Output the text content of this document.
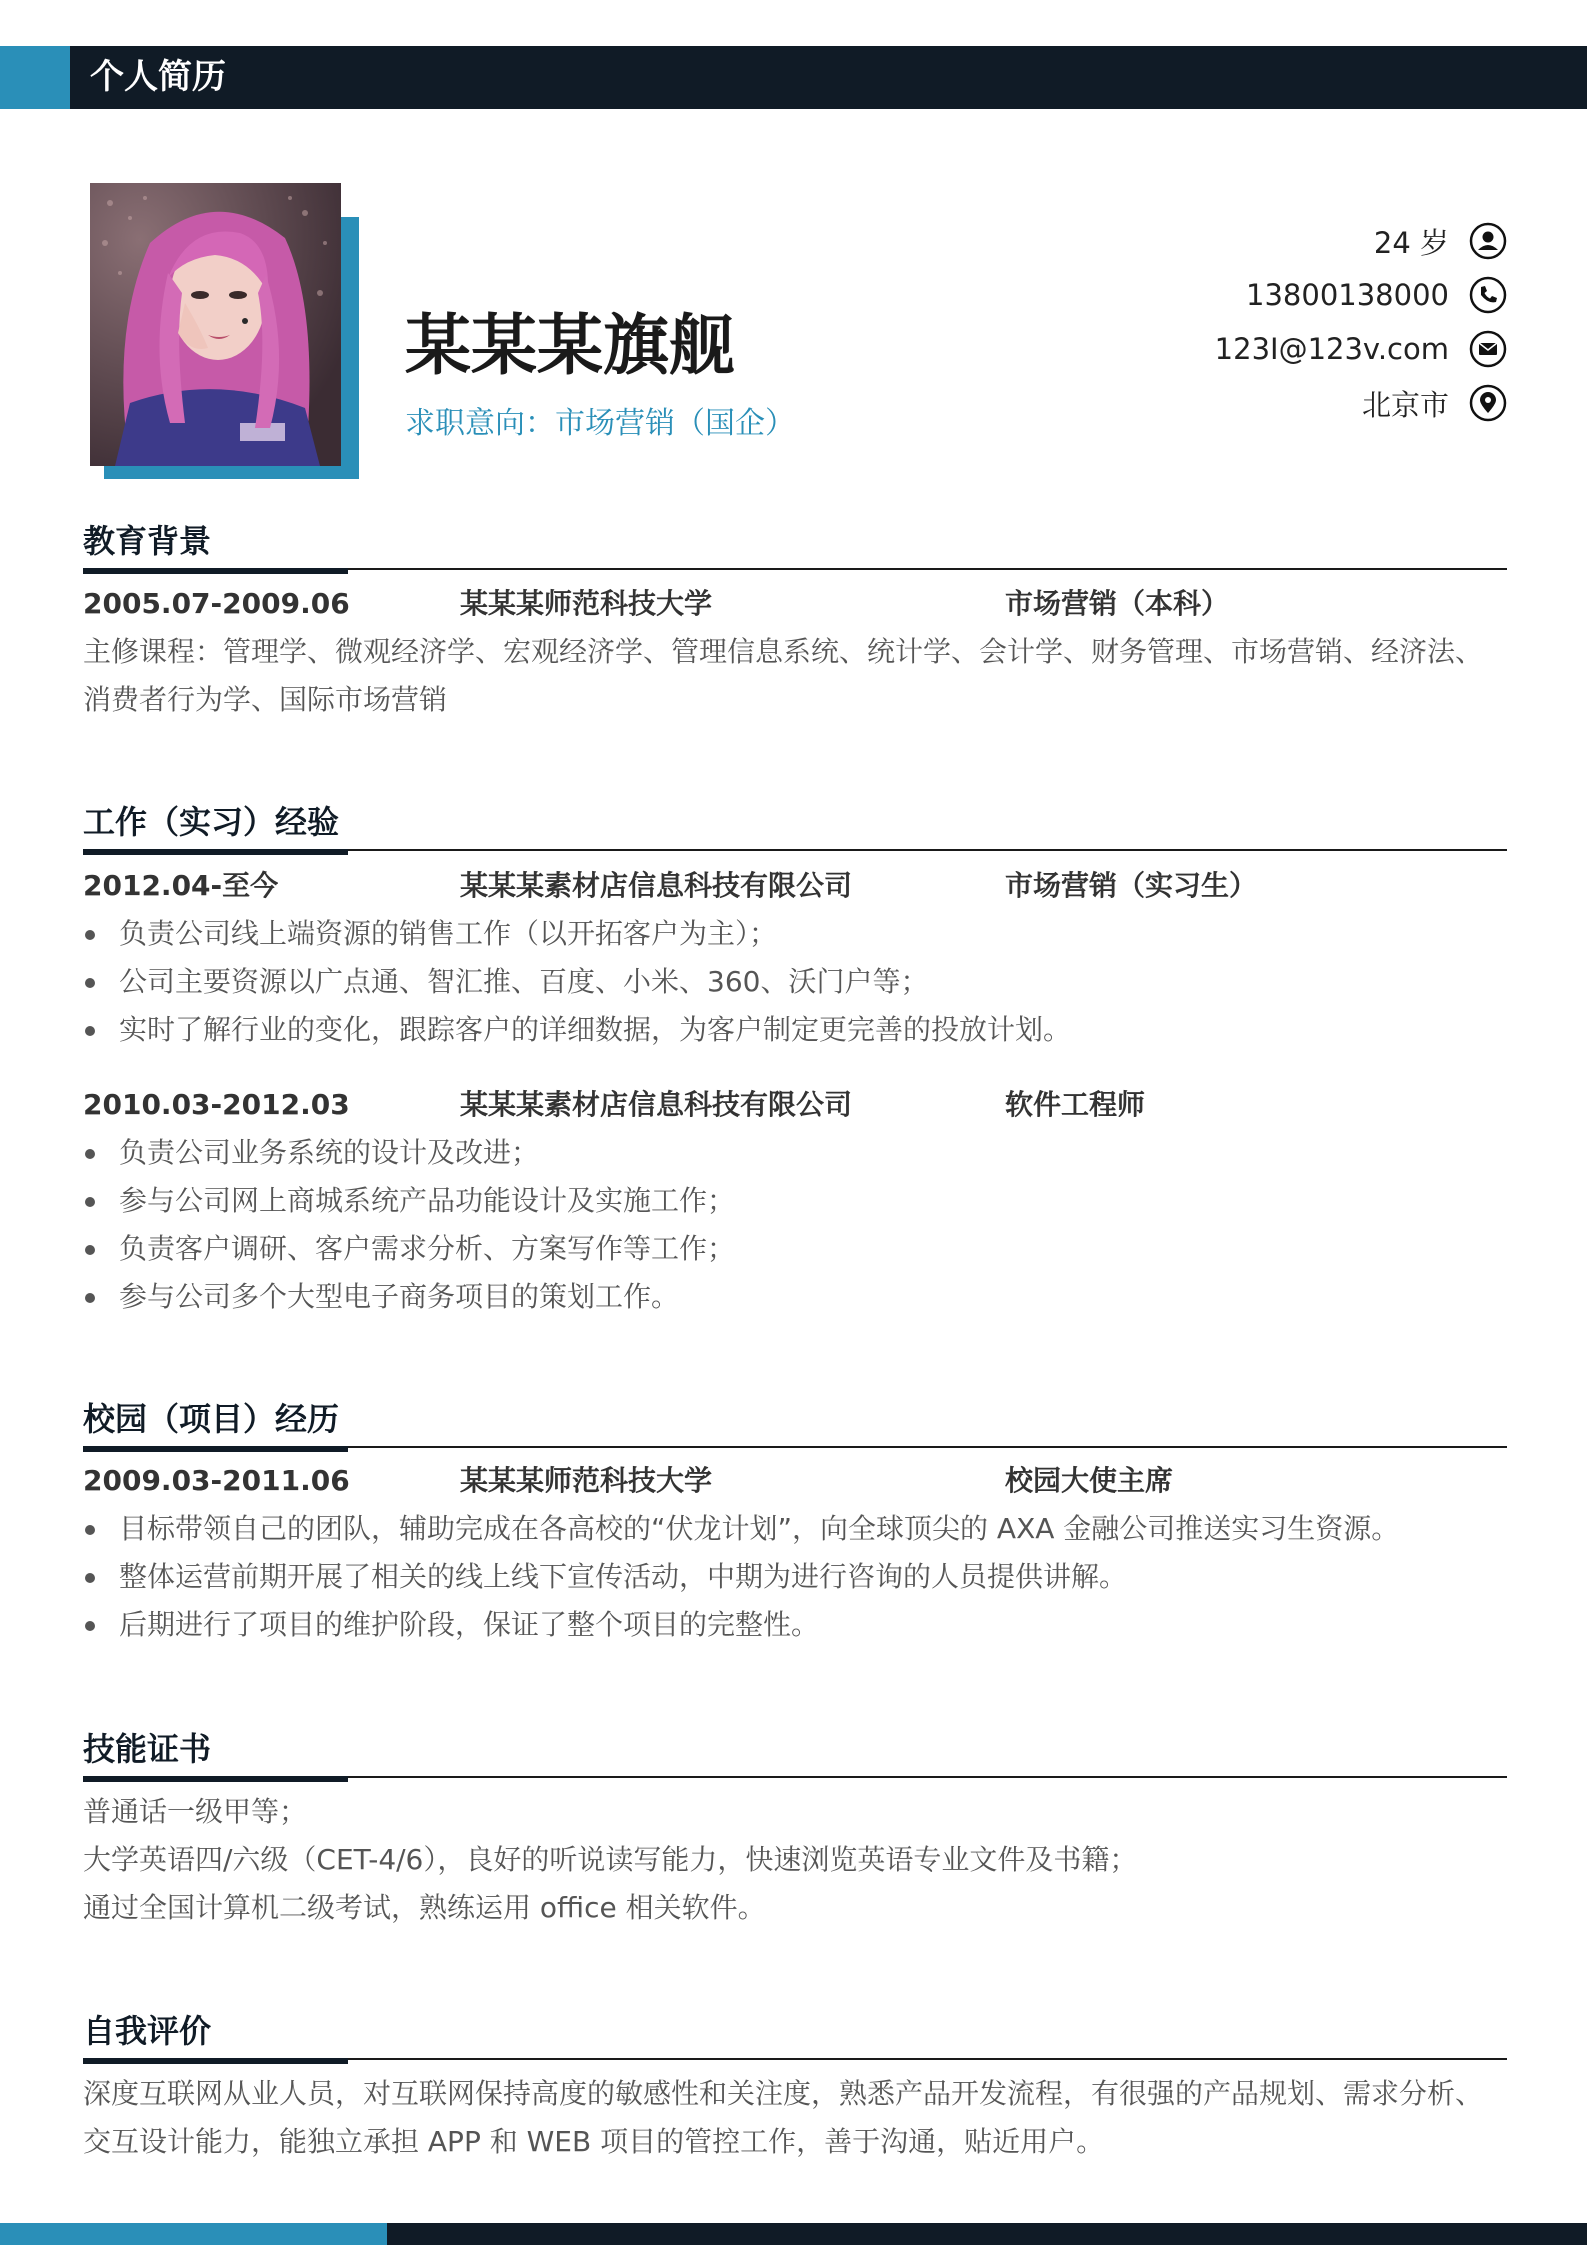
个人简历
某某某旗舰
求职意向：市场营销（国企）
24 岁
13800138000
123I@123v.com
北京市
教育背景
2005.07-2009.06	某某某师范科技大学	市场营销（本科）
主修课程：管理学、微观经济学、宏观经济学、管理信息系统、统计学、会计学、财务管理、市场营销、经济法、消费者行为学、国际市场营销
工作（实习）经验
2012.04-至今	某某某素材店信息科技有限公司	市场营销（实习生）
负责公司线上端资源的销售工作（以开拓客户为主）；
公司主要资源以广点通、智汇推、百度、小米、360、沃门户等；
实时了解行业的变化，跟踪客户的详细数据，为客户制定更完善的投放计划。
2010.03-2012.03	某某某素材店信息科技有限公司	软件工程师
负责公司业务系统的设计及改进；
参与公司网上商城系统产品功能设计及实施工作；
负责客户调研、客户需求分析、方案写作等工作；
参与公司多个大型电子商务项目的策划工作。
校园（项目）经历
2009.03-2011.06	某某某师范科技大学	校园大使主席
目标带领自己的团队，辅助完成在各高校的“伏龙计划”，向全球顶尖的 AXA 金融公司推送实习生资源。
整体运营前期开展了相关的线上线下宣传活动，中期为进行咨询的人员提供讲解。
后期进行了项目的维护阶段，保证了整个项目的完整性。
技能证书
普通话一级甲等；
大学英语四/六级（CET-4/6），良好的听说读写能力，快速浏览英语专业文件及书籍；
通过全国计算机二级考试，熟练运用 office 相关软件。
自我评价
深度互联网从业人员，对互联网保持高度的敏感性和关注度，熟悉产品开发流程，有很强的产品规划、需求分析、交互设计能力，能独立承担 APP 和 WEB 项目的管控工作，善于沟通，贴近用户。
